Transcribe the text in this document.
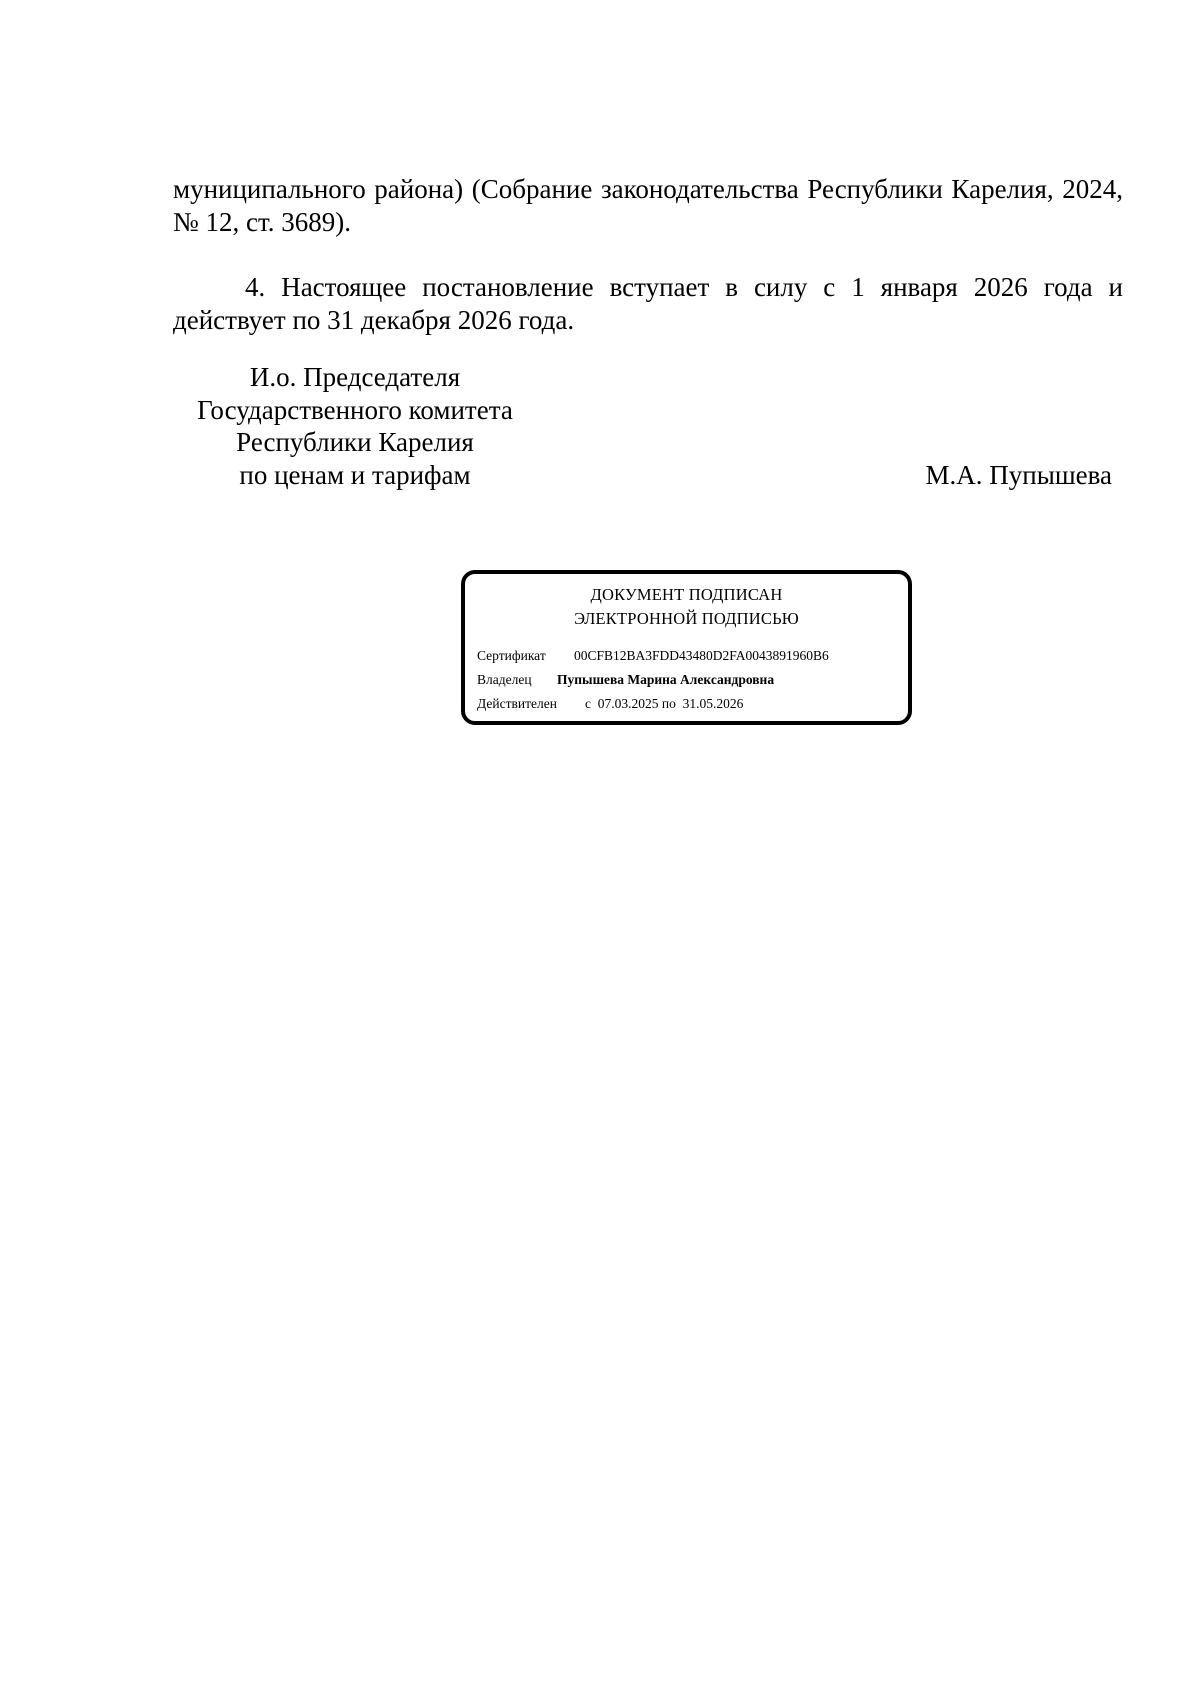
муниципального района) (Собрание законодательства Республики Карелия, 2024, № 12, ст. 3689).

4. Настоящее постановление вступает в силу с 1 января 2026 года и действует по 31 декабря 2026 года.

И.о. Председателя
Государственного комитета
Республики Карелия
по ценам и тарифам	М.А. Пупышева
ДОКУМЕНТ ПОДПИСАН
ЭЛЕКТРОННОЙ ПОДПИСЬЮ
Сертификат 00CFB12BA3FDD43480D2FA0043891960B6
Владелец Пупышева Марина Александровна
Действителен с  07.03.2025 по  31.05.2026
